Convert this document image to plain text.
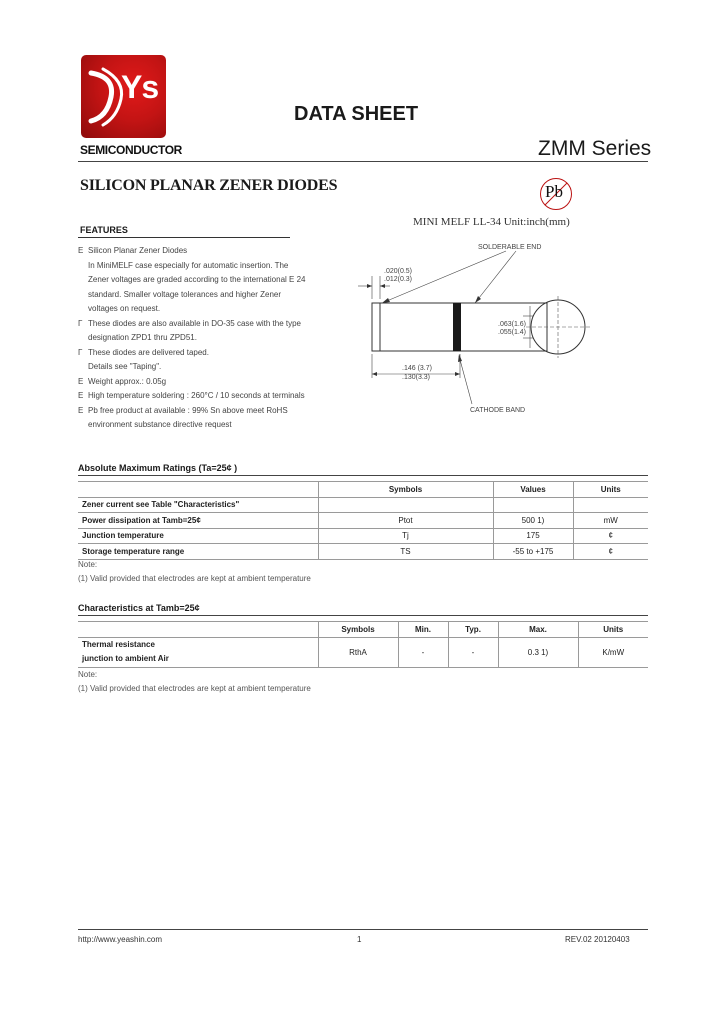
Ys
SEMICONDUCTOR
DATA SHEET
ZMM Series
SILICON PLANAR ZENER DIODES	Pb
MINI MELF LL-34 Unit:inch(mm)
FEATURES
E Silicon Planar Zener Diodes
In MiniMELF case especially for automatic insertion. The
Zener voltages are graded according to the international E 24
standard. Smaller voltage tolerances and higher Zener
voltages on request.
Γ These diodes are also available in DO-35 case with the type
designation ZPD1 thru ZPD51.
Γ These diodes are delivered taped.
Details see "Taping".
E Weight approx.: 0.05g
E High temperature soldering : 260°C / 10 seconds at terminals
E Pb free product at available : 99% Sn above meet RoHS
environment substance directive request
.020(0.5)
.012(0.3)
SOLDERABLE END
.063(1.6)
.055(1.4)
.146 (3.7)
.130(3.3)
CATHODE BAND
Absolute Maximum Ratings (Ta=25¢ )
	Symbols	Values	Units
Zener current see Table "Characteristics"			
Power dissipation at Tamb=25¢	Ptot	500 1)	mW
Junction temperature	Tj	175	¢
Storage temperature range	TS	-55 to +175	¢
Note:
(1) Valid provided that electrodes are kept at ambient temperature
Characteristics at Tamb=25¢
	Symbols	Min.	Typ.	Max.	Units

Thermal resistance
junction to ambient Air	RthA	-	-	0.3 1)	K/mW
Note:
(1) Valid provided that electrodes are kept at ambient temperature
http://www.yeashin.com	1	REV.02 20120403
